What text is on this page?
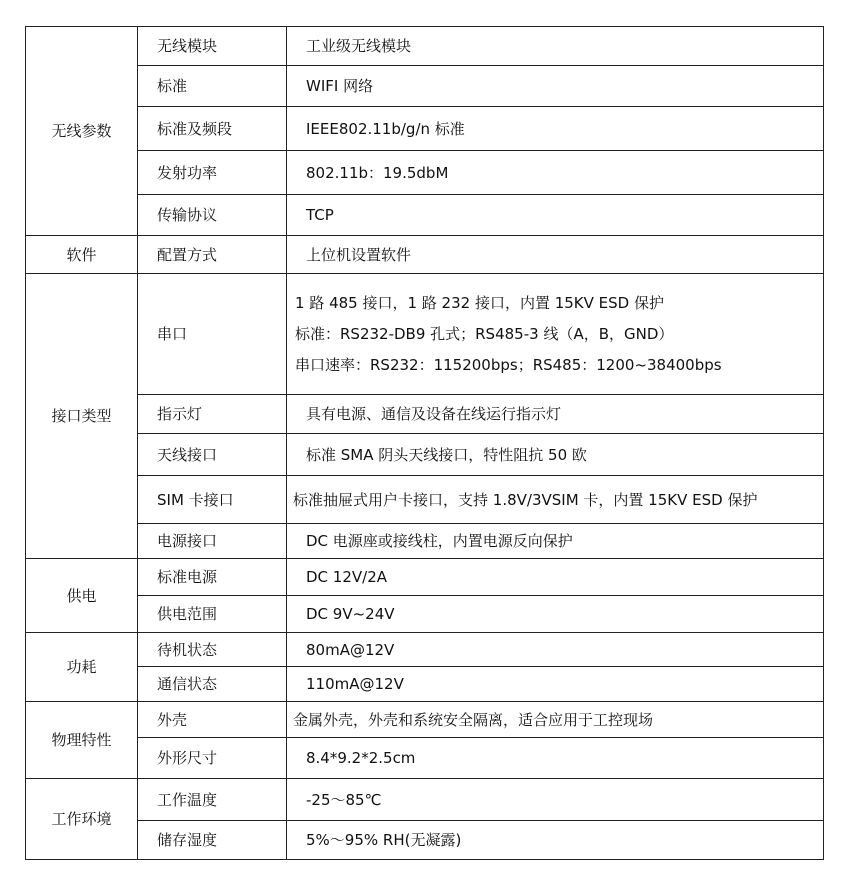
无线参数	无线模块	工业级无线模块
	标准	WIFI 网络
	标准及频段	IEEE802.11b/g/n 标准
	发射功率	802.11b：19.5dbM
	传输协议	TCP
软件	配置方式	上位机设置软件
接口类型	串口	1 路 485 接口，1 路 232 接口，内置 15KV ESD 保护
标准：RS232-DB9 孔式；RS485-3 线（A，B，GND）
串口速率：RS232：115200bps；RS485：1200~38400bps

	指示灯	具有电源、通信及设备在线运行指示灯
	天线接口	标准 SMA 阴头天线接口，特性阻抗 50 欧
	SIM 卡接口	标准抽屉式用户卡接口，支持 1.8V/3VSIM 卡，内置 15KV ESD 保护
	电源接口	DC 电源座或接线柱，内置电源反向保护
供电	标准电源	DC 12V/2A
	供电范围	DC 9V~24V
功耗	待机状态	80mA@12V
	通信状态	110mA@12V
物理特性	外壳	金属外壳，外壳和系统安全隔离，适合应用于工控现场
	外形尺寸	8.4*9.2*2.5cm
工作环境	工作温度	-25～85℃
	储存湿度	5%～95% RH(无凝露)
